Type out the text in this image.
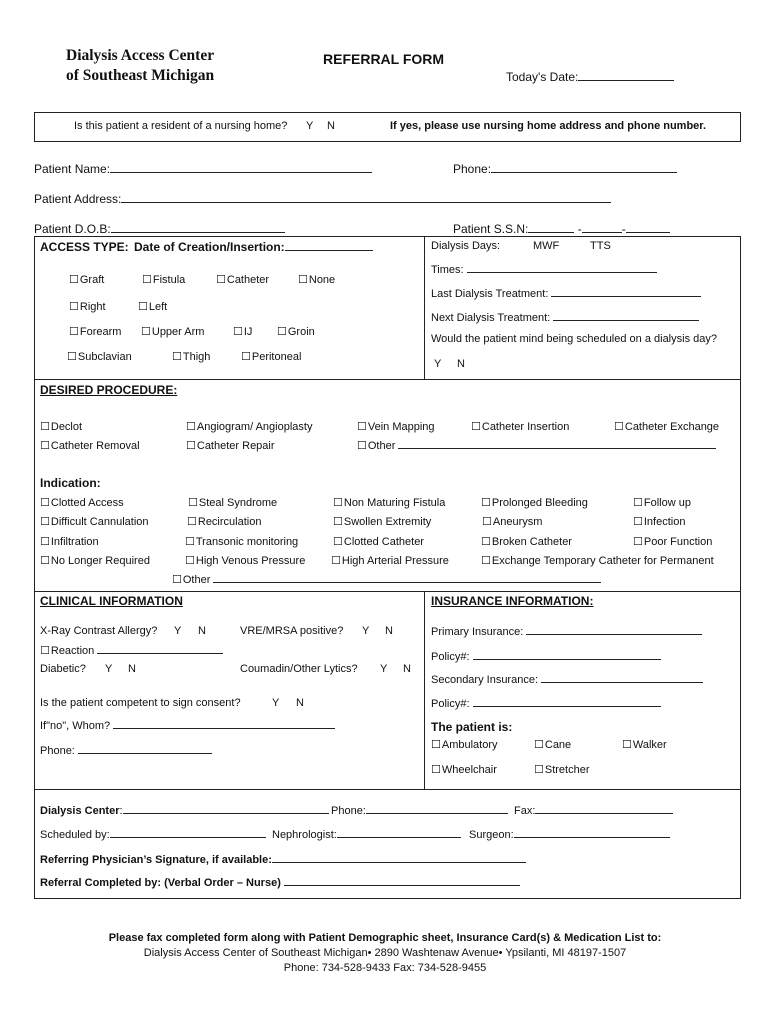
Dialysis Access Center
of Southeast Michigan
REFERRAL FORM
Today's Date:
Is this patient a resident of a nursing home? Y N	If yes, please use nursing home address and phone number.
Patient Name:	Phone:
Patient Address:
Patient D.O.B:	Patient S.S.N:	-	-
ACCESS TYPE: Date of Creation/Insertion:
☐ Graft	☐ Fistula	☐ Catheter	☐ None
☐ Right	☐ Left
☐ Forearm	☐ Upper Arm	☐ IJ	☐ Groin
☐ Subclavian	☐ Thigh	☐ Peritoneal
Dialysis Days:	MWF	TTS
Times:
Last Dialysis Treatment:
Next Dialysis Treatment:
Would the patient mind being scheduled on a dialysis day?
Y N
DESIRED PROCEDURE:
☐ Declot	☐ Angiogram/ Angioplasty	☐ Vein Mapping	☐ Catheter Insertion	☐ Catheter Exchange
☐ Catheter Removal	☐ Catheter Repair	☐ Other
Indication:
☐ Clotted Access	☐ Steal Syndrome	☐ Non Maturing Fistula	☐ Prolonged Bleeding	☐ Follow up
☐ Difficult Cannulation	☐ Recirculation	☐ Swollen Extremity	☐ Aneurysm	☐ Infection
☐ Infiltration	☐ Transonic monitoring	☐ Clotted Catheter	☐ Broken Catheter	☐ Poor Function
☐ No Longer Required	☐ High Venous Pressure	☐ High Arterial Pressure	☐ Exchange Temporary Catheter for Permanent
☐ Other
CLINICAL INFORMATION
X-Ray Contrast Allergy? Y N	VRE/MRSA positive? Y N
☐ Reaction
Diabetic? Y N	Coumadin/Other Lytics? Y N
Is the patient competent to sign consent?	Y N
If"no", Whom?
Phone:
INSURANCE INFORMATION:
Primary Insurance:
Policy#:
Secondary Insurance:
Policy#:
The patient is:
☐ Ambulatory	☐ Cane	☐ Walker
☐ Wheelchair	☐ Stretcher
Dialysis Center:	Phone:	Fax:
Scheduled by:	Nephrologist:	Surgeon:
Referring Physician’s Signature, if available:
Referral Completed by: (Verbal Order – Nurse)
Please fax completed form along with Patient Demographic sheet, Insurance Card(s) & Medication List to:
Dialysis Access Center of Southeast Michigan• 2890 Washtenaw Avenue• Ypsilanti, MI 48197-1507
Phone: 734-528-9433 Fax: 734-528-9455
